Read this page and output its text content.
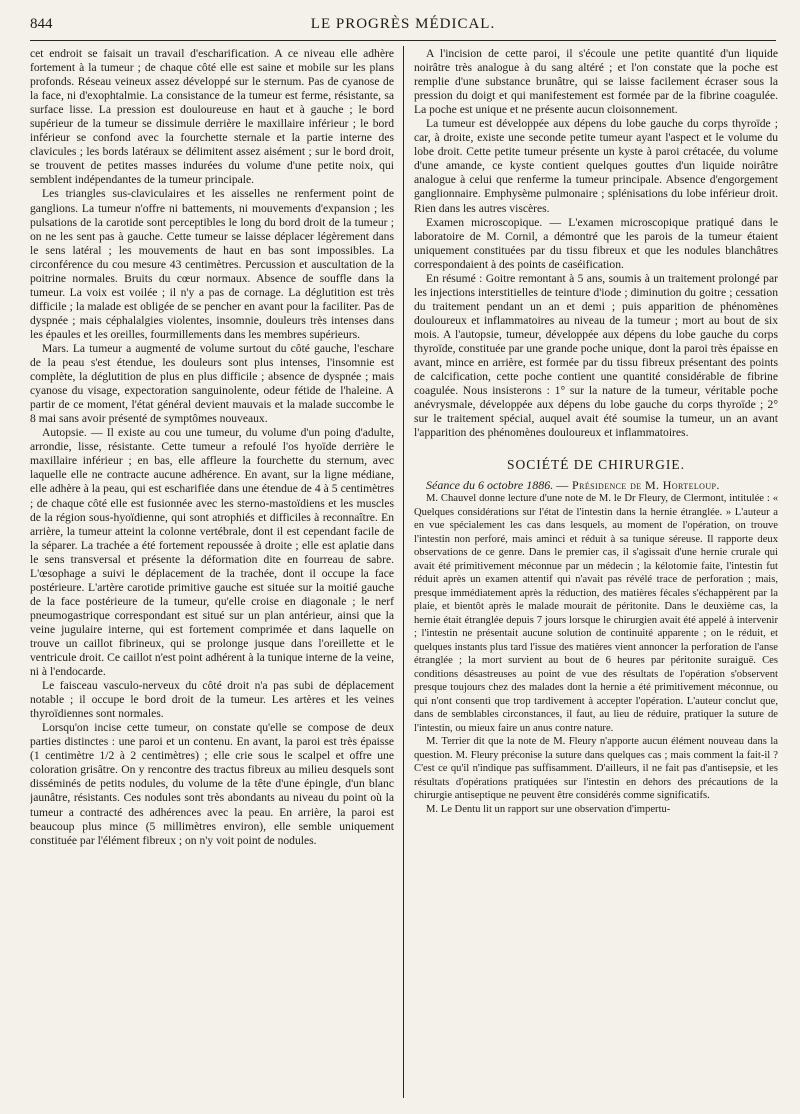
844	LE PROGRÈS MÉDICAL.

cet endroit se faisait un travail d'escharification. A ce niveau elle adhère fortement à la tumeur ; de chaque côté elle est saine et mobile sur les plans profonds. Réseau veineux assez développé sur le sternum. Pas de cyanose de la face, ni d'exophtalmie. La consistance de la tumeur est ferme, résistante, sa surface lisse. La pression est douloureuse en haut et à gauche ; le bord supérieur de la tumeur se dissimule derrière le maxillaire inférieur ; le bord inférieur se confond avec la fourchette sternale et la partie interne des clavicules ; les bords latéraux se délimitent assez aisément ; sur le bord droit, se trouvent de petites masses indurées du volume d'une petite noix, qui semblent indépendantes de la tumeur principale.

Les triangles sus-claviculaires et les aisselles ne renferment point de ganglions. La tumeur n'offre ni battements, ni mouvements d'expansion ; les pulsations de la carotide sont perceptibles le long du bord droit de la tumeur ; on ne les sent pas à gauche. Cette tumeur se laisse déplacer légèrement dans le sens latéral ; les mouvements de haut en bas sont impossibles. La circonférence du cou mesure 43 centimètres. Percussion et auscultation de la poitrine normales. Bruits du cœur normaux. Absence de souffle dans la tumeur. La voix est voilée ; il n'y a pas de cornage. La déglutition est très difficile ; la malade est obligée de se pencher en avant pour la faciliter. Pas de dyspnée ; mais céphalalgies violentes, insomnie, douleurs très intenses dans les épaules et les oreilles, fourmillements dans les membres supérieurs.

Mars. La tumeur a augmenté de volume surtout du côté gauche, l'eschare de la peau s'est étendue, les douleurs sont plus intenses, l'insomnie est complète, la déglutition de plus en plus difficile ; absence de dyspnée ; mais cyanose du visage, expectoration sanguinolente, odeur fétide de l'haleine. A partir de ce moment, l'état général devient mauvais et la malade succombe le 8 mai sans avoir présenté de symptômes nouveaux.

Autopsie. — Il existe au cou une tumeur, du volume d'un poing d'adulte, arrondie, lisse, résistante. Cette tumeur a refoulé l'os hyoïde derrière le maxillaire inférieur ; en bas, elle affleure la fourchette du sternum, avec laquelle elle ne contracte aucune adhérence. En avant, sur la ligne médiane, elle adhère à la peau, qui est escharifiée dans une étendue de 4 à 5 centimètres ; de chaque côté elle est fusionnée avec les sterno-mastoïdiens et les muscles de la région sous-hyoïdienne, qui sont atrophiés et difficiles à reconnaître. En arrière, la tumeur atteint la colonne vertébrale, dont il est cependant facile de la séparer. La trachée a été fortement repoussée à droite ; elle est aplatie dans le sens transversal et présente la déformation dite en fourreau de sabre. L'œsophage a suivi le déplacement de la trachée, dont il occupe la face postérieure. L'artère carotide primitive gauche est située sur la moitié gauche de la face postérieure de la tumeur, qu'elle croise en diagonale ; le nerf pneumogastrique correspondant est situé sur un plan antérieur, ainsi que la veine jugulaire interne, qui est fortement comprimée et dans laquelle on trouve un caillot fibrineux, qui se prolonge jusque dans l'oreillette et le ventricule droit. Ce caillot n'est point adhérent à la tunique interne de la veine, ni à l'endocarde.

Le faisceau vasculo-nerveux du côté droit n'a pas subi de déplacement notable ; il occupe le bord droit de la tumeur. Les artères et les veines thyroïdiennes sont normales.

Lorsqu'on incise cette tumeur, on constate qu'elle se compose de deux parties distinctes : une paroi et un contenu. En avant, la paroi est très épaisse (1 centimètre 1/2 à 2 centimètres) ; elle crie sous le scalpel et offre une coloration grisâtre. On y rencontre des tractus fibreux au milieu desquels sont disséminés de petits nodules, du volume de la tête d'une épingle, d'un blanc jaunâtre, résistants. Ces nodules sont très abondants au niveau du point où la tumeur a contracté des adhérences avec la peau. En arrière, la paroi est beaucoup plus mince (5 millimètres environ), elle semble uniquement constituée par l'élément fibreux ; on n'y voit point de nodules.

A l'incision de cette paroi, il s'écoule une petite quantité d'un liquide noirâtre très analogue à du sang altéré ; et l'on constate que la poche est remplie d'une substance brunâtre, qui se laisse facilement écraser sous la pression du doigt et qui manifestement est formée par de la fibrine coagulée. La poche est unique et ne présente aucun cloisonnement.

La tumeur est développée aux dépens du lobe gauche du corps thyroïde ; car, à droite, existe une seconde petite tumeur ayant l'aspect et le volume du lobe droit. Cette petite tumeur présente un kyste à paroi crétacée, du volume d'une amande, ce kyste contient quelques gouttes d'un liquide noirâtre analogue à celui que renferme la tumeur principale. Absence d'engorgement ganglionnaire. Emphysème pulmonaire ; splénisations du lobe inférieur droit. Rien dans les autres viscères.

Examen microscopique. — L'examen microscopique pratiqué dans le laboratoire de M. Cornil, a démontré que les parois de la tumeur étaient uniquement constituées par du tissu fibreux et que les nodules blanchâtres correspondaient à des points de caséification.

En résumé : Goitre remontant à 5 ans, soumis à un traitement prolongé par les injections interstitielles de teinture d'iode ; diminution du goitre ; cessation du traitement pendant un an et demi ; puis apparition de phénomènes douloureux et inflammatoires au niveau de la tumeur ; mort au bout de six mois. A l'autopsie, tumeur, développée aux dépens du lobe gauche du corps thyroïde, constituée par une grande poche unique, dont la paroi très épaisse en avant, mince en arrière, est formée par du tissu fibreux présentant des points de calcification, cette poche contient une quantité considérable de fibrine coagulée. Nous insisterons : 1° sur la nature de la tumeur, véritable poche anévrysmale, développée aux dépens du lobe gauche du corps thyroïde ; 2° sur le traitement spécial, auquel avait été soumise la tumeur, un an avant l'apparition des phénomènes douloureux et inflammatoires.

SOCIÉTÉ DE CHIRURGIE.

Séance du 6 octobre 1886. — Présidence de M. Horteloup.

M. Chauvel donne lecture d'une note de M. le Dr Fleury, de Clermont, intitulée : « Quelques considérations sur l'état de l'intestin dans la hernie étranglée. » L'auteur a en vue spécialement les cas dans lesquels, au moment de l'opération, on trouve l'intestin non perforé, mais aminci et réduit à sa tunique séreuse. Il rapporte deux observations de ce genre. Dans le premier cas, il s'agissait d'une hernie crurale qui avait été primitivement méconnue par un médecin ; la kélotomie faite, l'intestin fut réduit après un examen attentif qui n'avait pas révélé trace de perforation ; mais, presque immédiatement après la réduction, des matières fécales s'échappèrent par la plaie, et bientôt après le malade mourait de péritonite. Dans le deuxième cas, la hernie était étranglée depuis 7 jours lorsque le chirurgien avait été appelé à intervenir ; l'intestin ne présentait aucune solution de continuité apparente ; on le réduit, et quelques instants plus tard l'issue des matières vient annoncer la perforation de l'anse étranglée ; la mort survient au bout de 6 heures par péritonite suraiguë. Ces conditions désastreuses au point de vue des résultats de l'opération s'observent presque toujours chez des malades dont la hernie a été primitivement méconnue, ou qui n'ont consenti que trop tardivement à accepter l'opération. L'auteur conclut que, dans de semblables circonstances, il faut, au lieu de réduire, pratiquer la suture de l'intestin, ou mieux faire un anus contre nature.

M. Terrier dit que la note de M. Fleury n'apporte aucun élément nouveau dans la question. M. Fleury préconise la suture dans quelques cas ; mais comment la fait-il ? C'est ce qu'il n'indique pas suffisamment. D'ailleurs, il ne fait pas d'antisepsie, et les résultats d'opérations pratiquées sur l'intestin en dehors des précautions de la chirurgie antiseptique ne peuvent être considérés comme significatifs.

M. Le Dentu lit un rapport sur une observation d'impertu-
